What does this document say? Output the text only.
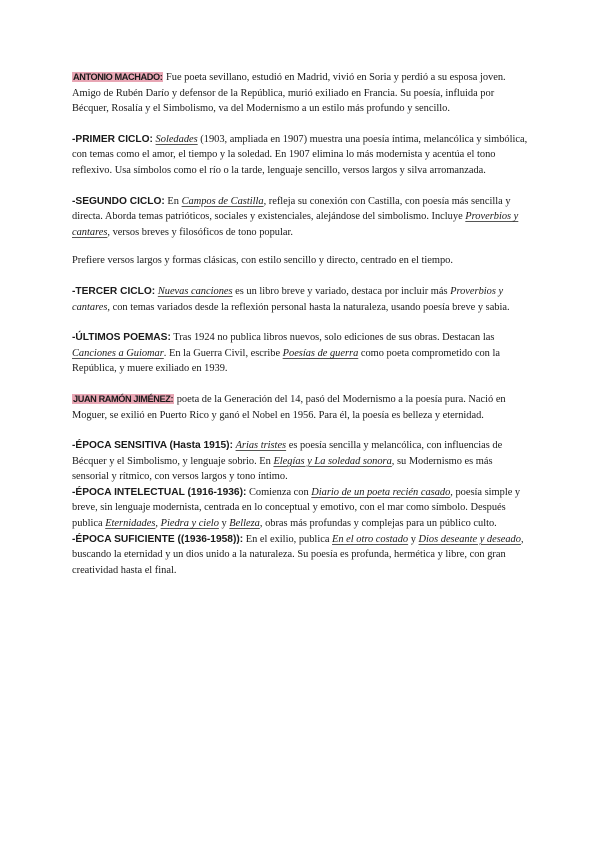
ANTONIO MACHADO: Fue poeta sevillano, estudió en Madrid, vivió en Soria y perdió a su esposa joven. Amigo de Rubén Darío y defensor de la República, murió exiliado en Francia. Su poesía, influida por Bécquer, Rosalía y el Simbolismo, va del Modernismo a un estilo más profundo y sencillo.

-PRIMER CICLO: Soledades (1903, ampliada en 1907) muestra una poesía íntima, melancólica y simbólica, con temas como el amor, el tiempo y la soledad. En 1907 elimina lo más modernista y acentúa el tono reflexivo. Usa símbolos como el río o la tarde, lenguaje sencillo, versos largos y silva arromanzada.

-SEGUNDO CICLO: En Campos de Castilla, refleja su conexión con Castilla, con poesía más sencilla y directa. Aborda temas patrióticos, sociales y existenciales, alejándose del simbolismo. Incluye Proverbios y cantares, versos breves y filosóficos de tono popular.

Prefiere versos largos y formas clásicas, con estilo sencillo y directo, centrado en el tiempo.

-TERCER CICLO: Nuevas canciones es un libro breve y variado, destaca por incluir más Proverbios y cantares, con temas variados desde la reflexión personal hasta la naturaleza, usando poesía breve y sabia.

-ÚLTIMOS POEMAS: Tras 1924 no publica libros nuevos, solo ediciones de sus obras. Destacan las Canciones a Guiomar. En la Guerra Civil, escribe Poesías de guerra como poeta comprometido con la República, y muere exiliado en 1939.

JUAN RAMÓN JIMÉNEZ: poeta de la Generación del 14, pasó del Modernismo a la poesía pura. Nació en Moguer, se exilió en Puerto Rico y ganó el Nobel en 1956. Para él, la poesía es belleza y eternidad.

-ÉPOCA SENSITIVA (Hasta 1915): Arias tristes es poesía sencilla y melancólica, con influencias de Bécquer y el Simbolismo, y lenguaje sobrio. En Elegías y La soledad sonora, su Modernismo es más sensorial y rítmico, con versos largos y tono íntimo.

-ÉPOCA INTELECTUAL (1916-1936): Comienza con Diario de un poeta recién casado, poesía simple y breve, sin lenguaje modernista, centrada en lo conceptual y emotivo, con el mar como símbolo. Después publica Eternidades, Piedra y cielo y Belleza, obras más profundas y complejas para un público culto.

-ÉPOCA SUFICIENTE ((1936-1958)): En el exilio, publica En el otro costado y Dios deseante y deseado, buscando la eternidad y un dios unido a la naturaleza. Su poesía es profunda, hermética y libre, con gran creatividad hasta el final.
